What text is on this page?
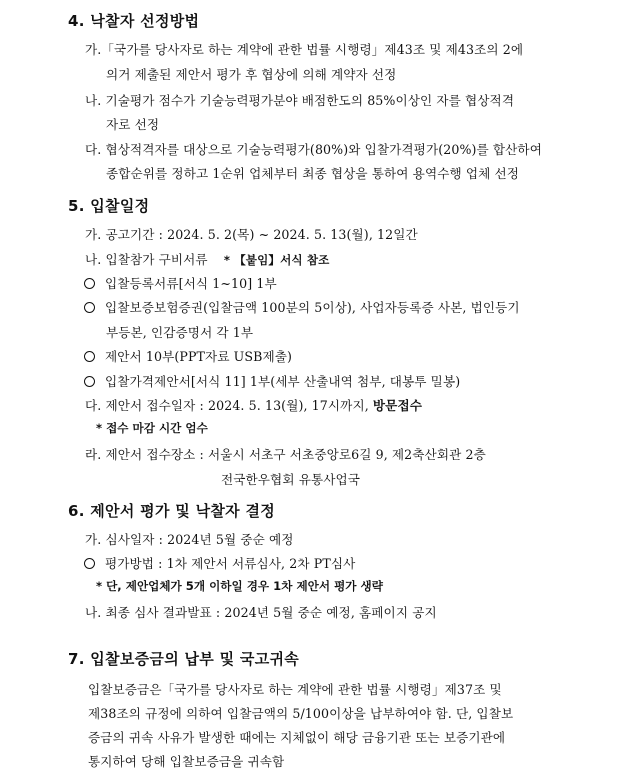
4. 낙찰자 선정방법
가.「국가를 당사자로 하는 계약에 관한 법률 시행령」제43조 및 제43조의 2에
의거 제출된 제안서 평가 후 협상에 의해 계약자 선정
나. 기술평가 점수가 기술능력평가분야 배점한도의 85%이상인 자를 협상적격
자로 선정
다. 협상적격자를 대상으로 기술능력평가(80%)와 입찰가격평가(20%)를 합산하여
종합순위를 정하고 1순위 업체부터 최종 협상을 통하여 용역수행 업체 선정
5. 입찰일정
가. 공고기간 : 2024. 5. 2(목) ~ 2024. 5. 13(월), 12일간
나. 입찰참가 구비서류 * 【붙임】서식 참조
입찰등록서류[서식 1~10] 1부
입찰보증보험증권(입찰금액 100분의 5이상), 사업자등록증 사본, 법인등기
부등본, 인감증명서 각 1부
제안서 10부(PPT자료 USB제출)
입찰가격제안서[서식 11] 1부(세부 산출내역 첨부, 대봉투 밀봉)
다. 제안서 접수일자 : 2024. 5. 13(월), 17시까지, 방문접수
* 접수 마감 시간 엄수
라. 제안서 접수장소 : 서울시 서초구 서초중앙로6길 9, 제2축산회관 2층
전국한우협회 유통사업국
6. 제안서 평가 및 낙찰자 결정
가. 심사일자 : 2024년 5월 중순 예정
평가방법 : 1차 제안서 서류심사, 2차 PT심사
* 단, 제안업체가 5개 이하일 경우 1차 제안서 평가 생략
나. 최종 심사 결과발표 : 2024년 5월 중순 예정, 홈페이지 공지
7. 입찰보증금의 납부 및 국고귀속
입찰보증금은「국가를 당사자로 하는 계약에 관한 법률 시행령」제37조 및
제38조의 규정에 의하여 입찰금액의 5/100이상을 납부하여야 함. 단, 입찰보
증금의 귀속 사유가 발생한 때에는 지체없이 해당 금융기관 또는 보증기관에
통지하여 당해 입찰보증금을 귀속함
